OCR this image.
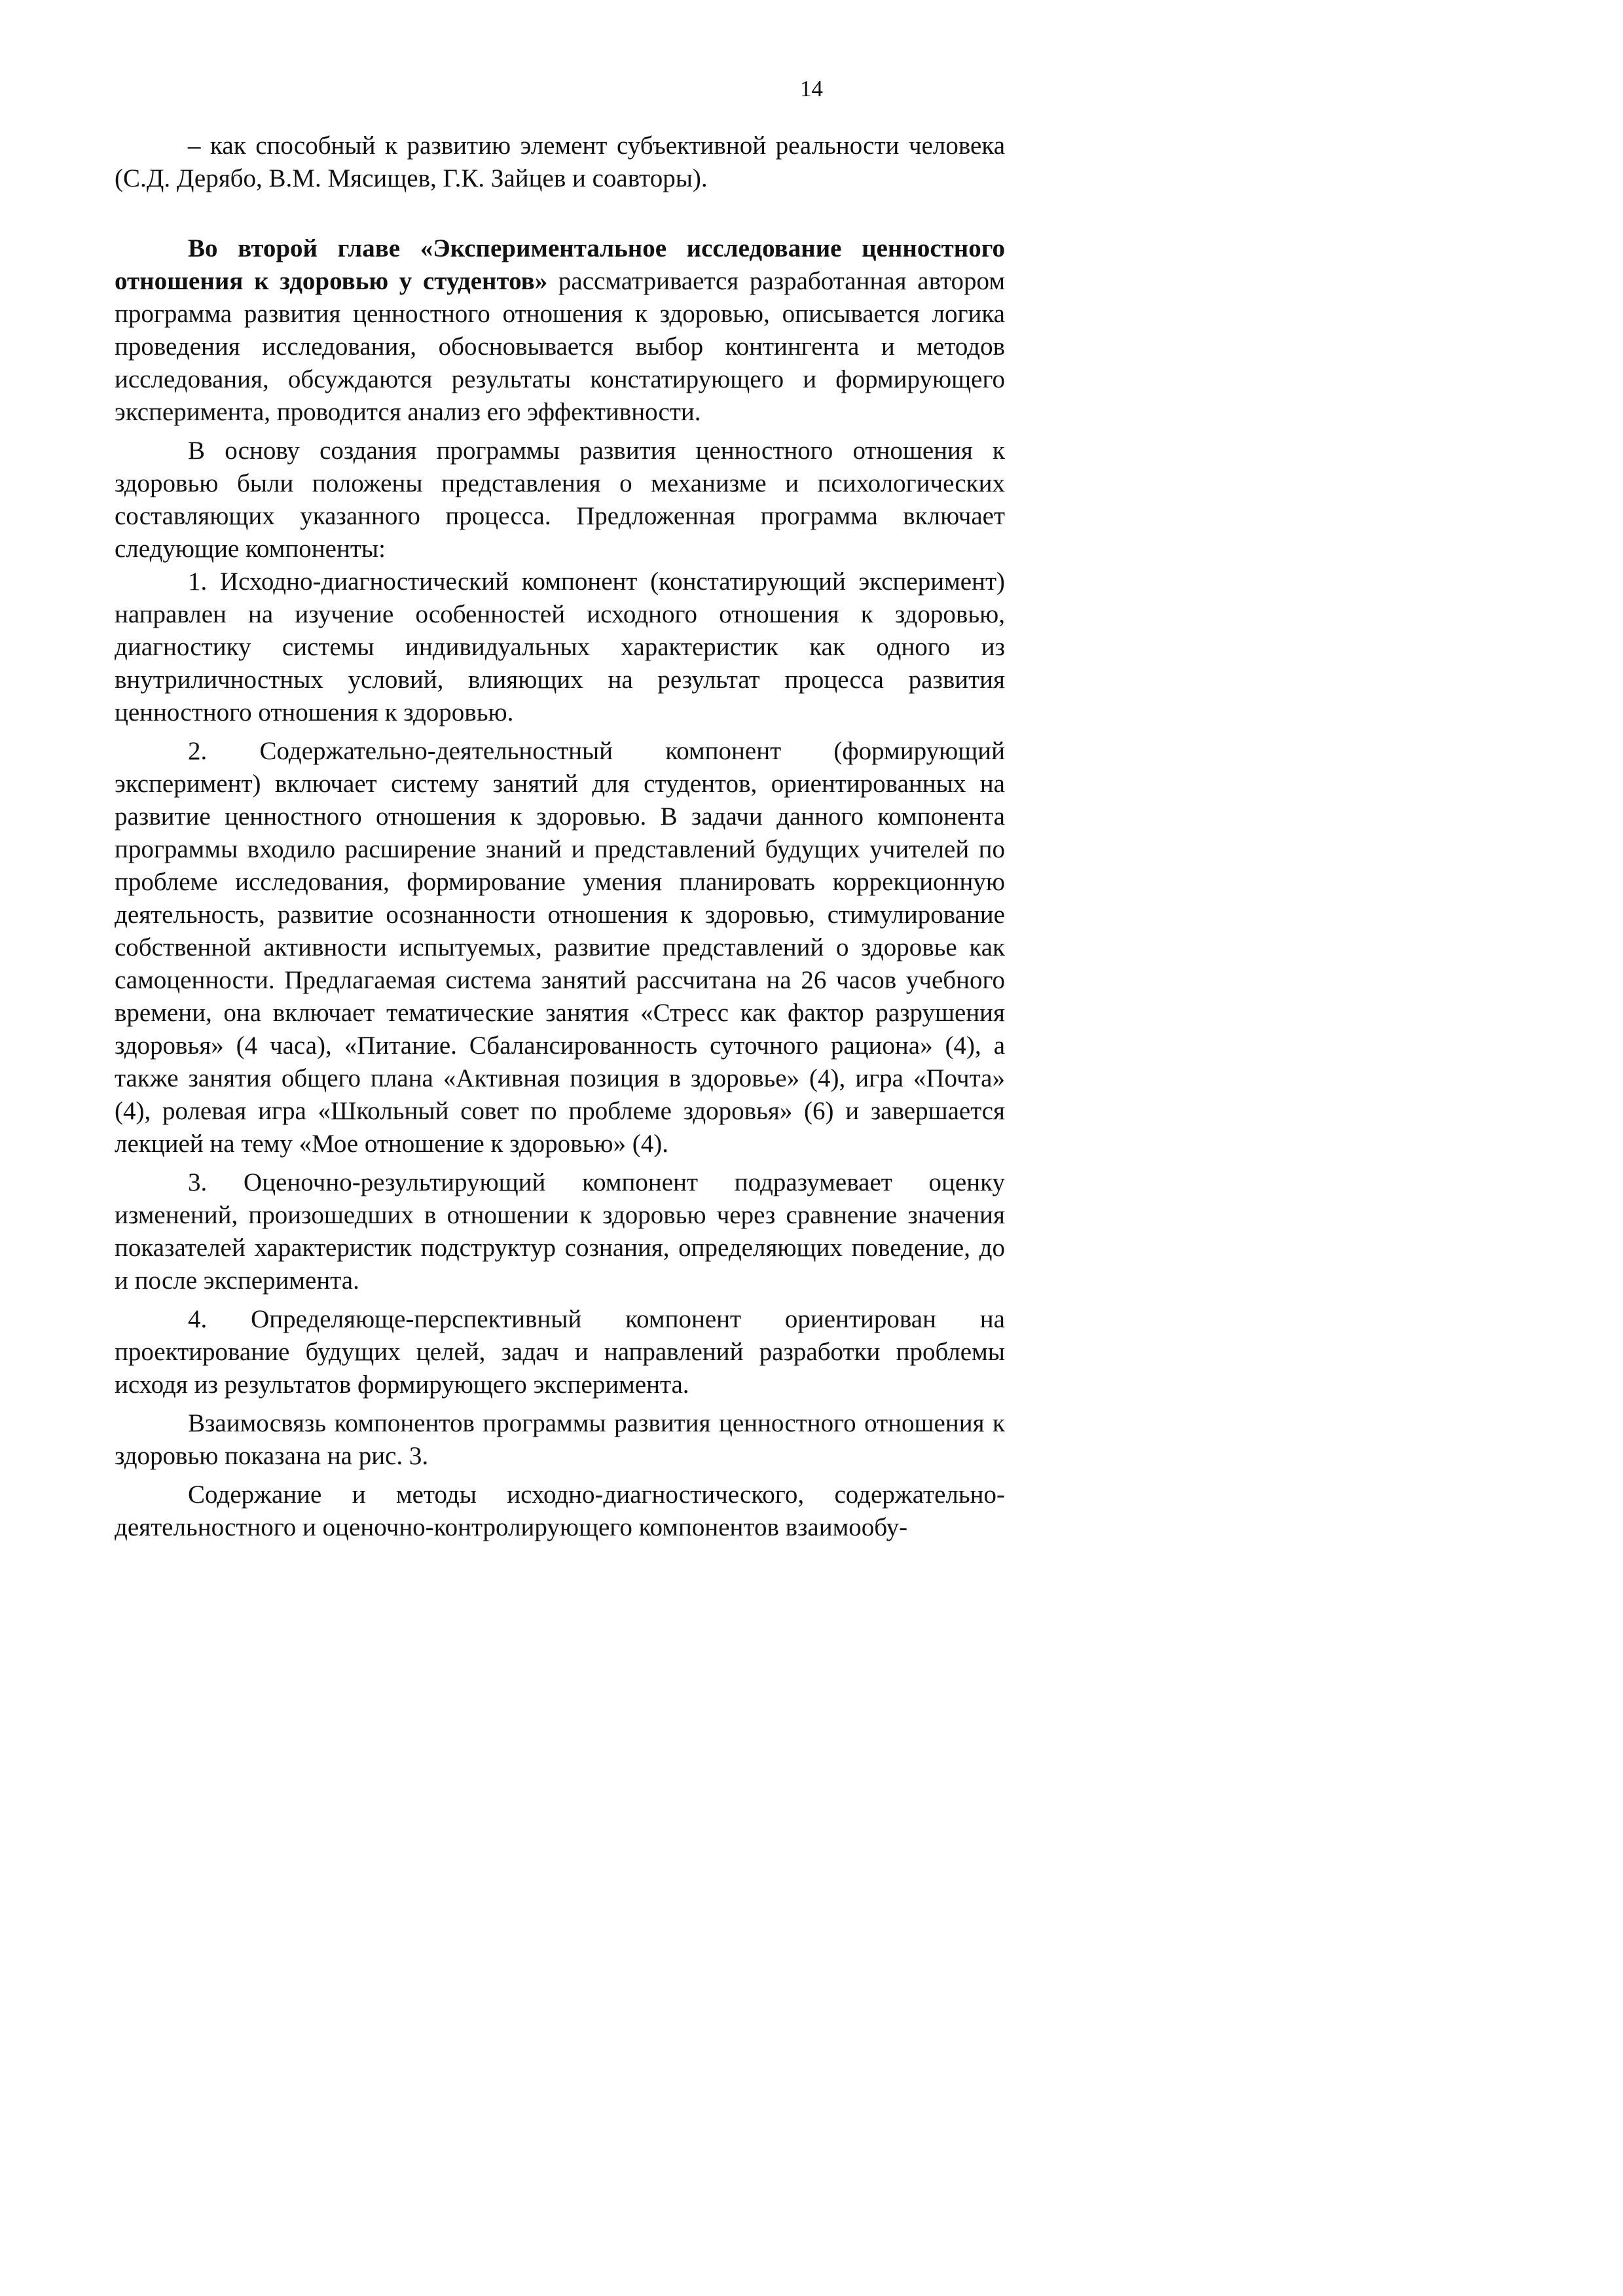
14

– как способный к развитию элемент субъективной реальности человека (С.Д. Дерябо, В.М. Мясищев, Г.К. Зайцев и соавторы).

Во второй главе «Экспериментальное исследование ценностного отношения к здоровью у студентов» рассматривается разработанная автором программа развития ценностного отношения к здоровью, описывается логика проведения исследования, обосновывается выбор контингента и методов исследования, обсуждаются результаты констатирующего и формирующего эксперимента, проводится анализ его эффективности.

В основу создания программы развития ценностного отношения к здоровью были положены представления о механизме и психологических составляющих указанного процесса. Предложенная программа включает следующие компоненты:

1. Исходно-диагностический компонент (констатирующий эксперимент) направлен на изучение особенностей исходного отношения к здоровью, диагностику системы индивидуальных характеристик как одного из внутриличностных условий, влияющих на результат процесса развития ценностного отношения к здоровью.

2. Содержательно-деятельностный компонент (формирующий эксперимент) включает систему занятий для студентов, ориентированных на развитие ценностного отношения к здоровью. В задачи данного компонента программы входило расширение знаний и представлений будущих учителей по проблеме исследования, формирование умения планировать коррекционную деятельность, развитие осознанности отношения к здоровью, стимулирование собственной активности испытуемых, развитие представлений о здоровье как самоценности. Предлагаемая система занятий рассчитана на 26 часов учебного времени, она включает тематические занятия «Стресс как фактор разрушения здоровья» (4 часа), «Питание. Сбалансированность суточного рациона» (4), а также занятия общего плана «Активная позиция в здоровье» (4), игра «Почта» (4), ролевая игра «Школьный совет по проблеме здоровья» (6) и завершается лекцией на тему «Мое отношение к здоровью» (4).

3. Оценочно-результирующий компонент подразумевает оценку изменений, произошедших в отношении к здоровью через сравнение значения показателей характеристик подструктур сознания, определяющих поведение, до и после эксперимента.

4. Определяюще-перспективный компонент ориентирован на проектирование будущих целей, задач и направлений разработки проблемы исходя из результатов формирующего эксперимента.

Взаимосвязь компонентов программы развития ценностного отношения к здоровью показана на рис. 3.

Содержание и методы исходно-диагностического, содержательно-деятельностного и оценочно-контролирующего компонентов взаимообу-
